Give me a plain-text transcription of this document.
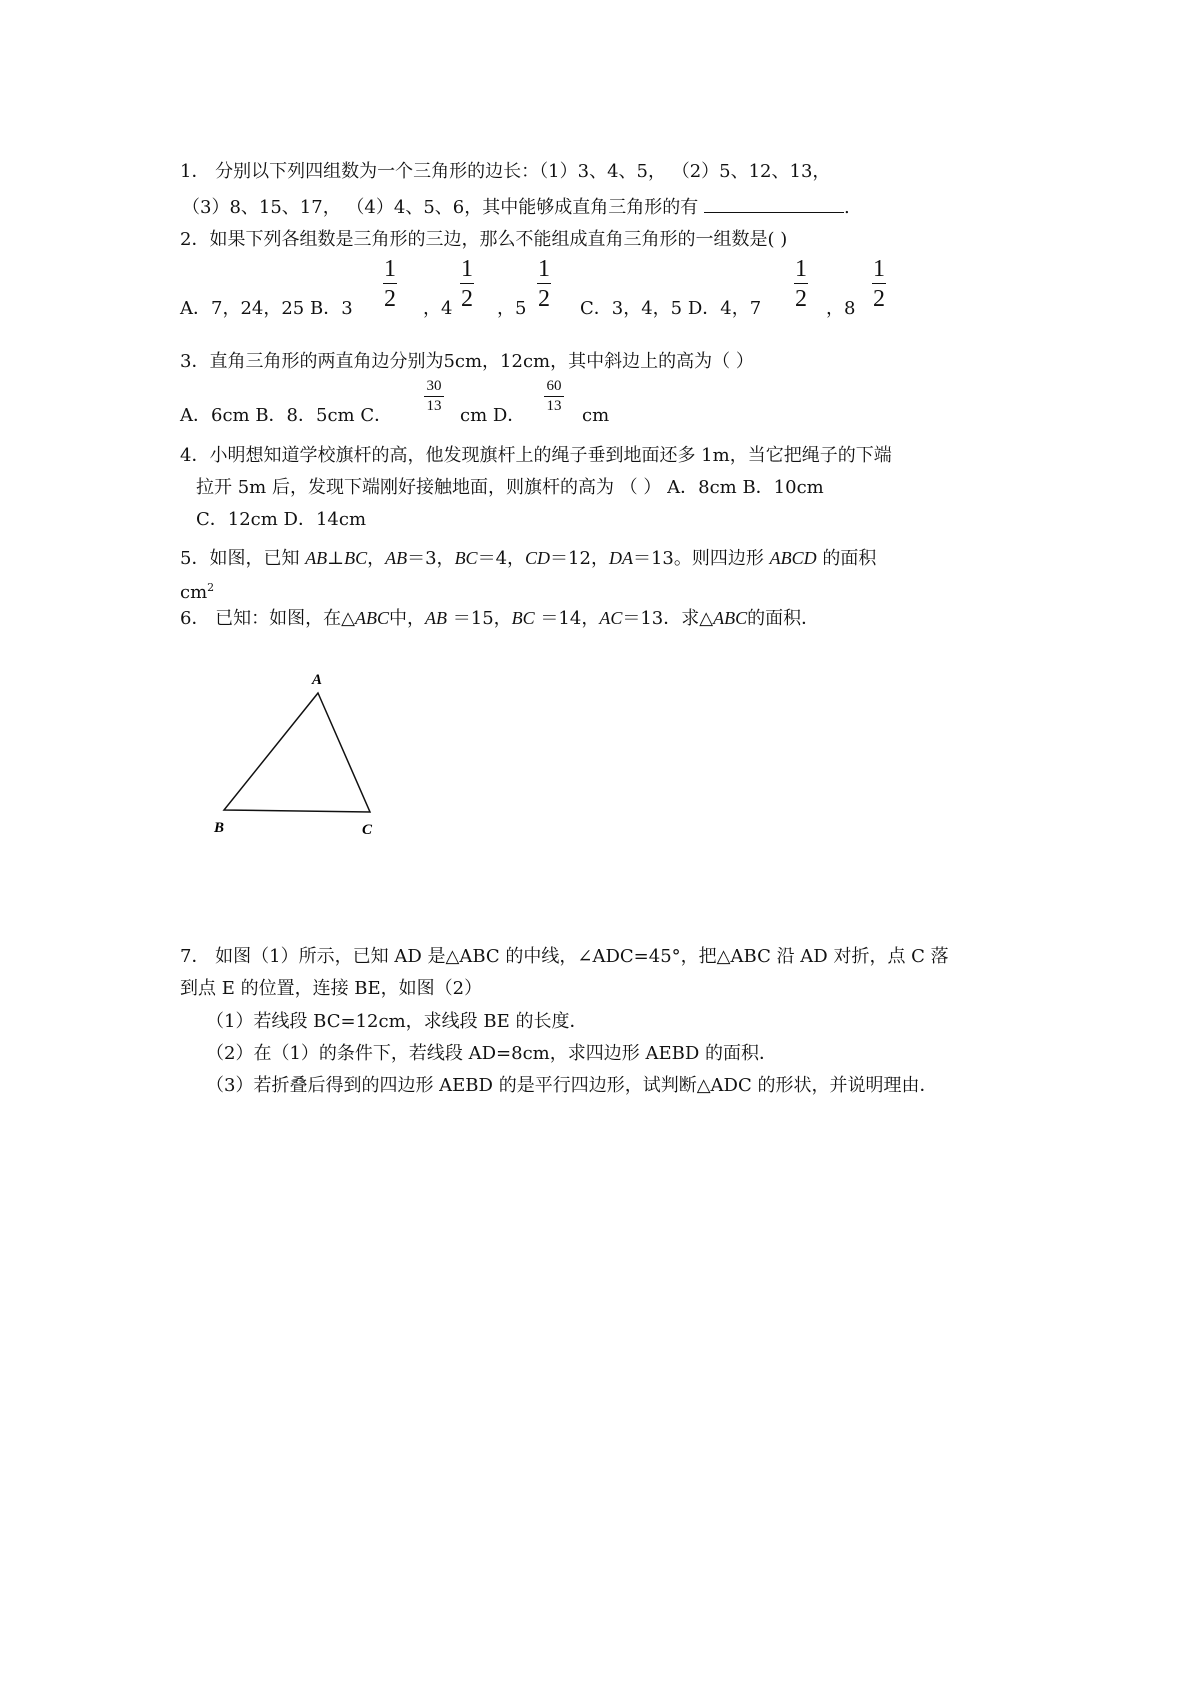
1． 分别以下列四组数为一个三角形的边长：（1）3、4、5， （2）5、12、13，
（3）8、15、17， （4）4、5、6，其中能够成直角三角形的有	.
2．如果下列各组数是三角形的三边，那么不能组成直角三角形的一组数是( )
A．7，24，25 B．3
1
2 ，4
1
2 ，5
1
2 C．3，4，5 D．4，7
1
2 ，8
1
2
3．直角三角形的两直角边分别为5cm，12cm，其中斜边上的高为（ ）
A．6cm B．8．5cm C．
30
13 cm D．
60
13 cm
4．小明想知道学校旗杆的高，他发现旗杆上的绳子垂到地面还多 1m，当它把绳子的下端
拉开 5m 后，发现下端刚好接触地面，则旗杆的高为 （ ） A．8cm B．10cm
C．12cm D．14cm
5．如图，已知 AB⊥BC，AB＝3，BC＝4，CD＝12，DA＝13。则四边形 ABCD 的面积
$cm^2$
6． 已知：如图，在△ABC中，AB ＝15，BC ＝14，AC＝13．求△ABC的面积．
A
B	C
7． 如图（1）所示，已知 AD 是△ABC 的中线，∠ADC=45°，把△ABC 沿 AD 对折，点 C 落
到点 E 的位置，连接 BE，如图（2）
（1）若线段 BC=12cm，求线段 BE 的长度．
（2）在（1）的条件下，若线段 AD=8cm，求四边形 AEBD 的面积．
（3）若折叠后得到的四边形 AEBD 的是平行四边形，试判断△ADC 的形状，并说明理由．
